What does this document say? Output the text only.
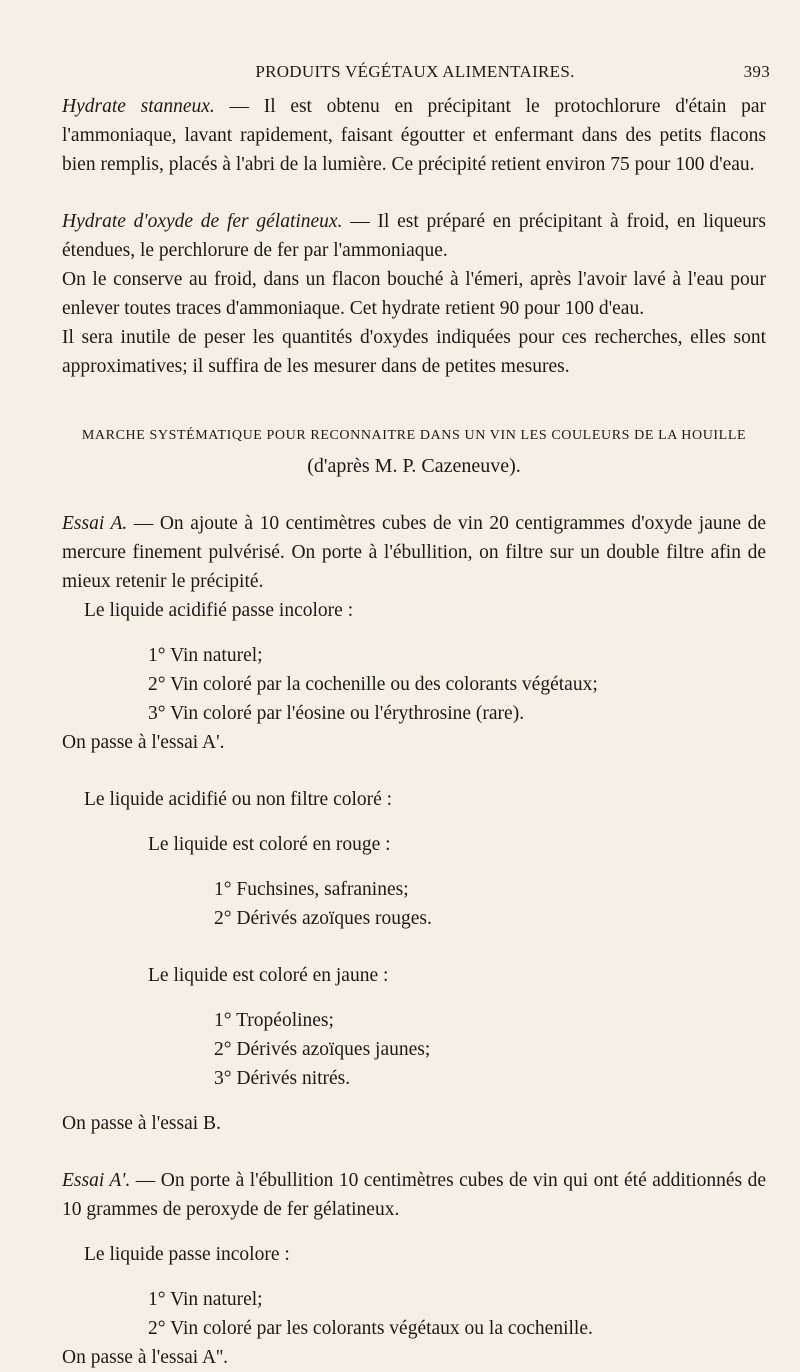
PRODUITS VÉGÉTAUX ALIMENTAIRES.	393

Hydrate stanneux. — Il est obtenu en précipitant le protochlorure d'étain par l'ammoniaque, lavant rapidement, faisant égoutter et enfermant dans des petits flacons bien remplis, placés à l'abri de la lumière. Ce précipité retient environ 75 pour 100 d'eau.

Hydrate d'oxyde de fer gélatineux. — Il est préparé en précipitant à froid, en liqueurs étendues, le perchlorure de fer par l'ammoniaque.

On le conserve au froid, dans un flacon bouché à l'émeri, après l'avoir lavé à l'eau pour enlever toutes traces d'ammoniaque. Cet hydrate retient 90 pour 100 d'eau.

Il sera inutile de peser les quantités d'oxydes indiquées pour ces recherches, elles sont approximatives; il suffira de les mesurer dans de petites mesures.

MARCHE SYSTÉMATIQUE POUR RECONNAITRE DANS UN VIN LES COULEURS DE LA HOUILLE

(d'après M. P. Cazeneuve).

Essai A. — On ajoute à 10 centimètres cubes de vin 20 centigrammes d'oxyde jaune de mercure finement pulvérisé. On porte à l'ébullition, on filtre sur un double filtre afin de mieux retenir le précipité.

Le liquide acidifié passe incolore :

1° Vin naturel;

2° Vin coloré par la cochenille ou des colorants végétaux;

3° Vin coloré par l'éosine ou l'érythrosine (rare).

On passe à l'essai A'.

Le liquide acidifié ou non filtre coloré :

Le liquide est coloré en rouge :

1° Fuchsines, safranines;

2° Dérivés azoïques rouges.

Le liquide est coloré en jaune :

1° Tropéolines;

2° Dérivés azoïques jaunes;

3° Dérivés nitrés.

On passe à l'essai B.

Essai A'. — On porte à l'ébullition 10 centimètres cubes de vin qui ont été additionnés de 10 grammes de peroxyde de fer gélatineux.

Le liquide passe incolore :

1° Vin naturel;

2° Vin coloré par les colorants végétaux ou la cochenille.

On passe à l'essai A''.
